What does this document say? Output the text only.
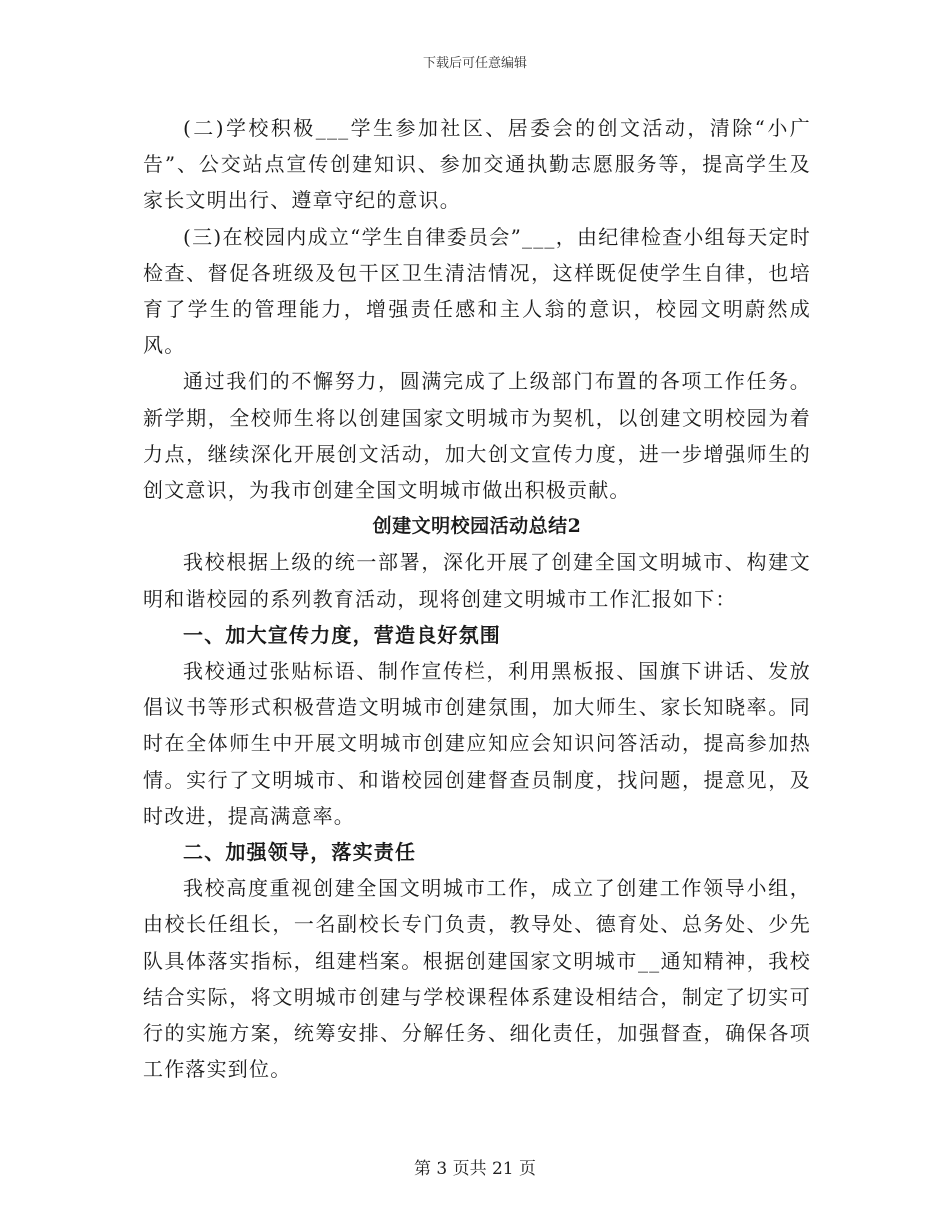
下载后可任意编辑

(二)学校积极___学生参加社区、居委会的创文活动，清除“小广告”、公交站点宣传创建知识、参加交通执勤志愿服务等，提高学生及家长文明出行、遵章守纪的意识。

(三)在校园内成立“学生自律委员会”___，由纪律检查小组每天定时检查、督促各班级及包干区卫生清洁情况，这样既促使学生自律，也培育了学生的管理能力，增强责任感和主人翁的意识，校园文明蔚然成风。

通过我们的不懈努力，圆满完成了上级部门布置的各项工作任务。新学期，全校师生将以创建国家文明城市为契机，以创建文明校园为着力点，继续深化开展创文活动，加大创文宣传力度，进一步增强师生的创文意识，为我市创建全国文明城市做出积极贡献。

创建文明校园活动总结2

我校根据上级的统一部署，深化开展了创建全国文明城市、构建文明和谐校园的系列教育活动，现将创建文明城市工作汇报如下：

一、加大宣传力度，营造良好氛围

我校通过张贴标语、制作宣传栏，利用黑板报、国旗下讲话、发放倡议书等形式积极营造文明城市创建氛围，加大师生、家长知晓率。同时在全体师生中开展文明城市创建应知应会知识问答活动，提高参加热情。实行了文明城市、和谐校园创建督查员制度，找问题，提意见，及时改进，提高满意率。

二、加强领导，落实责任

我校高度重视创建全国文明城市工作，成立了创建工作领导小组，由校长任组长，一名副校长专门负责，教导处、德育处、总务处、少先队具体落实指标，组建档案。根据创建国家文明城市__通知精神，我校结合实际，将文明城市创建与学校课程体系建设相结合，制定了切实可行的实施方案，统筹安排、分解任务、细化责任，加强督查，确保各项工作落实到位。

第 3 页共 21 页
